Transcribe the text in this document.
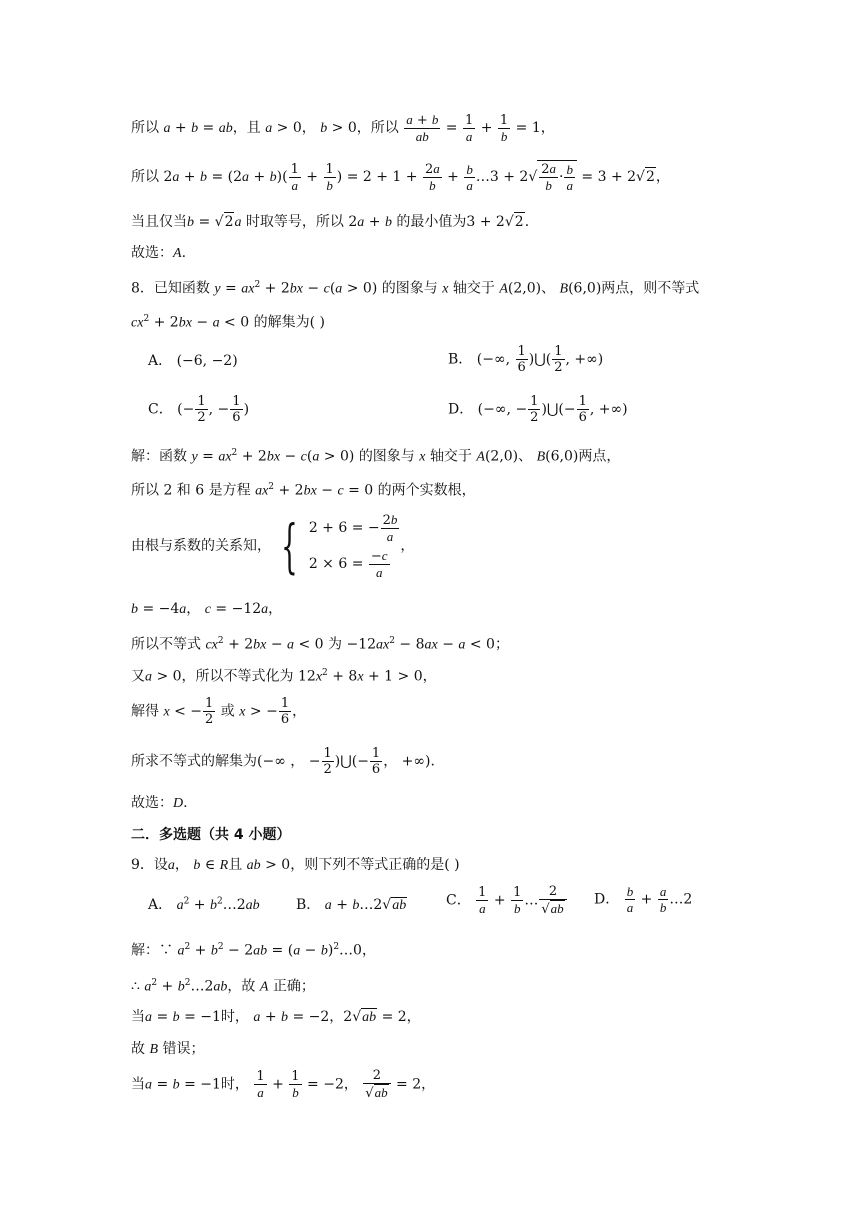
所以 a + b = ab，且 a > 0， b > 0，所以 $\frac{a + b}{ab} = \frac{1}{a} + \frac{1}{b} = 1$，
所以 $2a + b = (2a + b)( \frac{1}{a} + \frac{1}{b}$ ) = $2 + 1 + \frac{2a}{b} + \frac{b}{a}$ …3 + $2√ \frac{2a}{b} \cdot \frac{b}{a} = 3 + 2√2$，
当且仅当b = √2a 时取等号，所以 2a + b 的最小值为3 + 2√2.
故选：A.
8．已知函数 $y = ax^2 + 2bx - c(a > 0)$ 的图象与 x 轴交于 A(2,0)、 B(6,0)两点，则不等式
$cx^2 + 2bx - a < 0$ 的解集为( )
A． (−6, −2)	B． (−∞, $\frac{1}{6}$ )⋃( $\frac{1}{2}$ , +∞)
C． (− $\frac{1}{2}$ , − $\frac{1}{6}$ )	D． (−∞, − $\frac{1}{2}$ )⋃(− $\frac{1}{6}$ , +∞)
解：函数 $y = ax^2 + 2bx - c(a > 0)$ 的图象与 x 轴交于 A(2,0)、 B(6,0)两点，
所以 2 和 6 是方程 $ax^2 + 2bx - c = 0$ 的两个实数根，
由根与系数的关系知， { 2 + 6 = − $\frac{2b}{a}$
$2 \times 6 = \frac{-c}{a}$
，
b = −4a， c = −12a，
所以不等式 $cx^2 + 2bx - a < 0$ 为 $-12ax^2 - 8ax - a < 0$；
又a > 0，所以不等式化为 $12x^2 + 8x + 1 > 0$，
解得 x < − $\frac{1}{2}$ 或 x > − $\frac{1}{6}$ ，
所求不等式的解集为(−∞ ， − $\frac{1}{2}$ )⋃(− $\frac{1}{6}$ ， +∞).
故选：D.
二．多选题（共 4 小题）
9．设a， b ∈ R且 ab > 0，则下列不等式正确的是( )
A． $a^2$ + $b^2\dots 2ab$	B． a + b…2√ab	C． $\frac{1}{a} + \frac{1}{b}$ … $\frac{2}{√ab}$ D． $\frac{b}{a} + \frac{a}{b}$ …2
解：∵ $a^2 + b^2 - 2ab = (a$ − $b)^2\dots 0$，
∴ $a^2$ + $b^2\dots 2ab$，故 A 正确；
当a = b = −1时， a + b = −2，2√ab = 2，
故 B 错误；
当a = b = −1时， $\frac{1}{a} + \frac{1}{b} = -2$， $\frac{2}{√ab} = 2$，
